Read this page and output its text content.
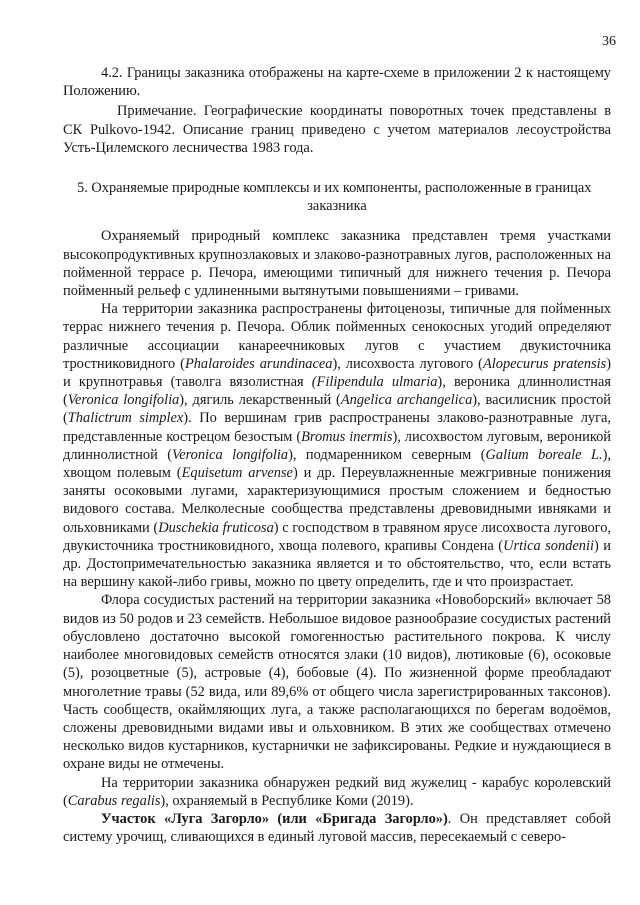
36

4.2. Границы заказника отображены на карте-схеме в приложении 2 к настоящему Положению.

Примечание. Географические координаты поворотных точек представлены в СК Pulkovo-1942. Описание границ приведено с учетом материалов лесоустройства Усть-Цилемского лесничества 1983 года.

5. Охраняемые природные комплексы и их компоненты, расположенные в границах
заказника

Охраняемый природный комплекс заказника представлен тремя участками высокопродуктивных крупнозлаковых и злаково-разнотравных лугов, расположенных на пойменной террасе р. Печора, имеющими типичный для нижнего течения р. Печора пойменный рельеф с удлиненными вытянутыми повышениями – гривами.

На территории заказника распространены фитоценозы, типичные для пойменных террас нижнего течения р. Печора. Облик пойменных сенокосных угодий определяют различные ассоциации канареечниковых лугов с участием двукисточника тростниковидного (Phalaroides arundinacea), лисохвоста лугового (Alopecurus pratensis) и крупнотравья (таволга вязолистная (Filipendula ulmaria), вероника длиннолистная (Veronica longifolia), дягиль лекарственный (Angelica archangelica), василисник простой (Thalictrum simplex). По вершинам грив распространены злаково-разнотравные луга, представленные кострецом безостым (Bromus inermis), лисохвостом луговым, вероникой длиннолистной (Veronica longifolia), подмаренником северным (Galium boreale L.), хвощом полевым (Equisetum arvense) и др. Переувлажненные межгривные понижения заняты осоковыми лугами, характеризующимися простым сложением и бедностью видового состава. Мелколесные сообщества представлены древовидными ивняками и ольховниками (Duschekia fruticosa) с господством в травяном ярусе лисохвоста лугового, двукисточника тростниковидного, хвоща полевого, крапивы Сондена (Urtica sondenii) и др. Достопримечательностью заказника является и то обстоятельство, что, если встать на вершину какой-либо гривы, можно по цвету определить, где и что произрастает.

Флора сосудистых растений на территории заказника «Новоборский» включает 58 видов из 50 родов и 23 семейств. Небольшое видовое разнообразие сосудистых растений обусловлено достаточно высокой гомогенностью растительного покрова. К числу наиболее многовидовых семейств относятся злаки (10 видов), лютиковые (6), осоковые (5), розоцветные (5), астровые (4), бобовые (4). По жизненной форме преобладают многолетние травы (52 вида, или 89,6% от общего числа зарегистрированных таксонов). Часть сообществ, окаймляющих луга, а также располагающихся по берегам водоёмов, сложены древовидными видами ивы и ольховником. В этих же сообществах отмечено несколько видов кустарников, кустарнички не зафиксированы. Редкие и нуждающиеся в охране виды не отмечены.

На территории заказника обнаружен редкий вид жужелиц - карабус королевский (Carabus regalis), охраняемый в Республике Коми (2019).

Участок «Луга Загорло» (или «Бригада Загорло»). Он представляет собой систему урочищ, сливающихся в единый луговой массив, пересекаемый с северо-
